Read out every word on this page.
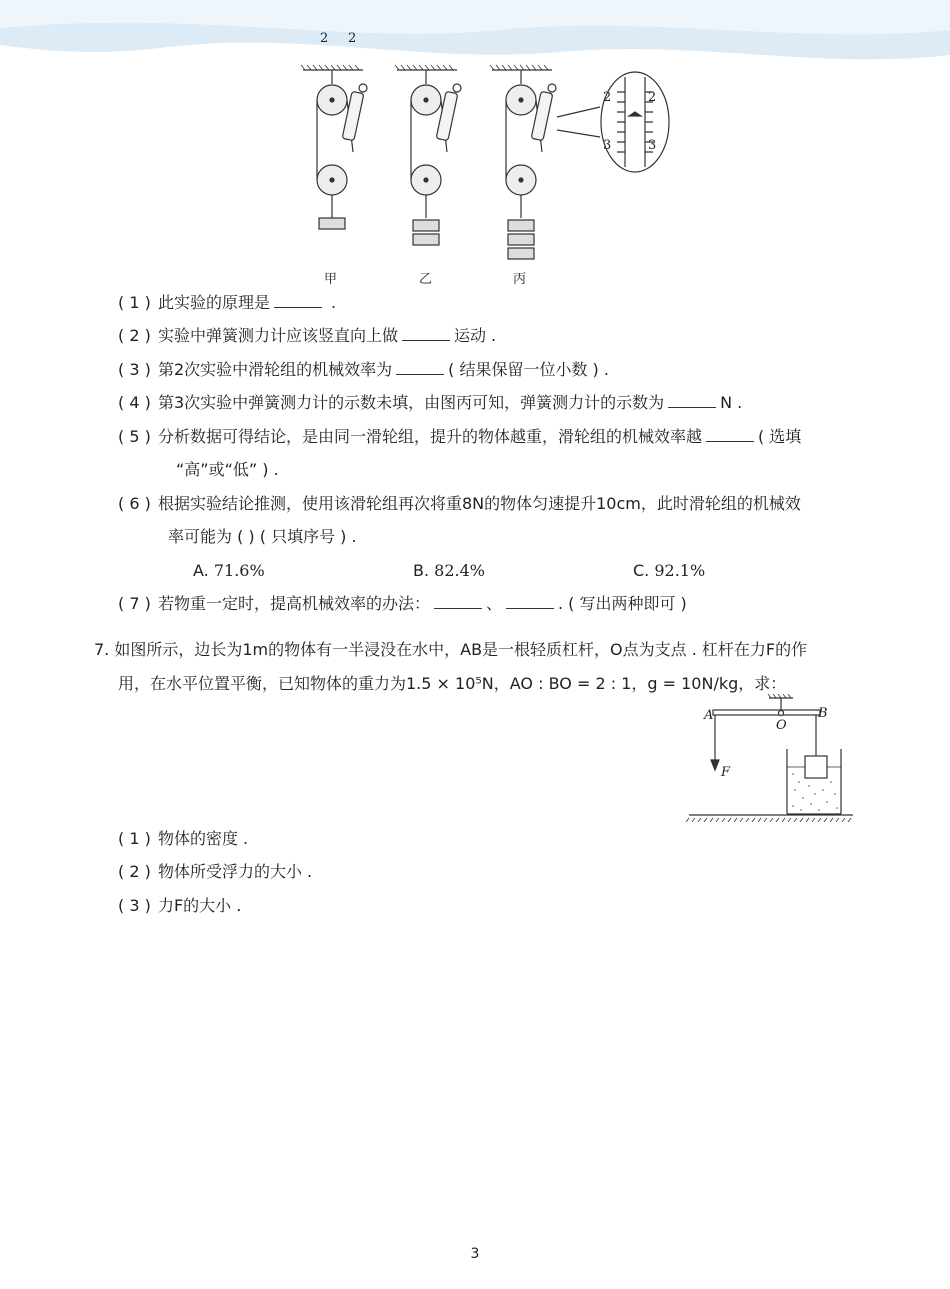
2 2
2	2
3	3
甲	乙	丙
( 1 ) 此实验的原理是	.
( 2 ) 实验中弹簧测力计应该竖直向上做	运动 .
( 3 ) 第2次实验中滑轮组的机械效率为	( 结果保留一位小数 ) .
( 4 ) 第3次实验中弹簧测力计的示数未填，由图丙可知，弹簧测力计的示数为	N .
( 5 ) 分析数据可得结论，是由同一滑轮组，提升的物体越重，滑轮组的机械效率越	( 选填
“高”或“低” ) .
( 6 ) 根据实验结论推测，使用该滑轮组再次将重8N的物体匀速提升10cm，此时滑轮组的机械效
率可能为 ( ) ( 只填序号 ) .
A. 71.6%	B. 82.4%	C. 92.1%
( 7 ) 若物重一定时，提高机械效率的办法：	、	. ( 写出两种即可 )
7. 如图所示，边长为1m的物体有一半浸没在水中，AB是一根轻质杠杆，O点为支点 . 杠杆在力F的作
用，在水平位置平衡，已知物体的重力为1.5 × 10⁵N，AO : BO = 2 : 1，g = 10N/kg，求：
A	B
O
F
( 1 ) 物体的密度 .
( 2 ) 物体所受浮力的大小 .
( 3 ) 力F的大小 .
3
